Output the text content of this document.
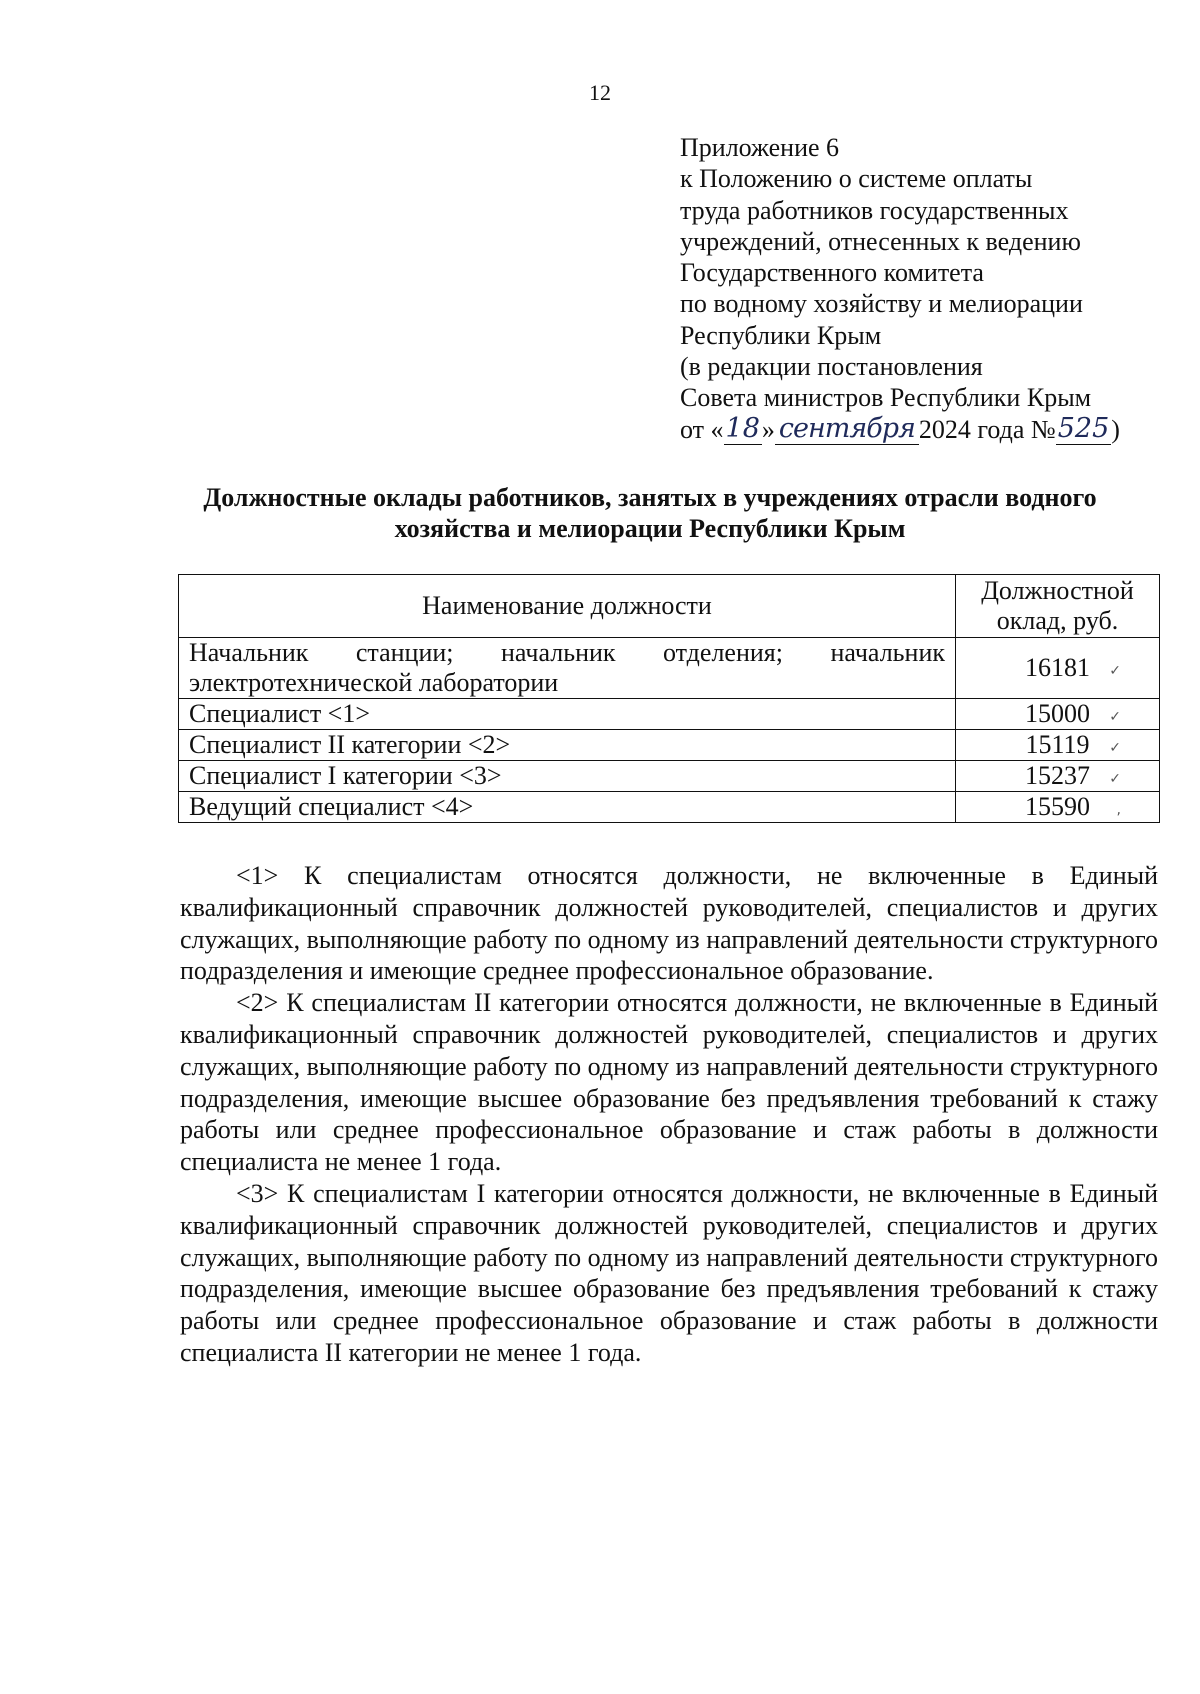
12
Приложение 6
к Положению о системе оплаты
труда работников государственных
учреждений, отнесенных к ведению
Государственного комитета
по водному хозяйству и мелиорации
Республики Крым
(в редакции постановления
Совета министров Республики Крым
от « 18 » сентября 2024 года № 525 )
Должностные оклады работников, занятых в учреждениях отрасли водного
хозяйства и мелиорации Республики Крым
Наименование должности	Должностной оклад, руб.
Начальник станции; начальник отделения; начальник электротехнической лаборатории	16181 ✓

Специалист <1>	15000 ✓

Специалист II категории <2>	15119 ✓

Специалист I категории <3>	15237 ✓

Ведущий специалист <4>	15590 ,

<1> К специалистам относятся должности, не включенные в Единый квалификационный справочник должностей руководителей, специалистов и других служащих, выполняющие работу по одному из направлений деятельности структурного подразделения и имеющие среднее профессиональное образование.

<2> К специалистам II категории относятся должности, не включенные в Единый квалификационный справочник должностей руководителей, специалистов и других служащих, выполняющие работу по одному из направлений деятельности структурного подразделения, имеющие высшее образование без предъявления требований к стажу работы или среднее профессиональное образование и стаж работы в должности специалиста не менее 1 года.

<3> К специалистам I категории относятся должности, не включенные в Единый квалификационный справочник должностей руководителей, специалистов и других служащих, выполняющие работу по одному из направлений деятельности структурного подразделения, имеющие высшее образование без предъявления требований к стажу работы или среднее профессиональное образование и стаж работы в должности специалиста II категории не менее 1 года.
